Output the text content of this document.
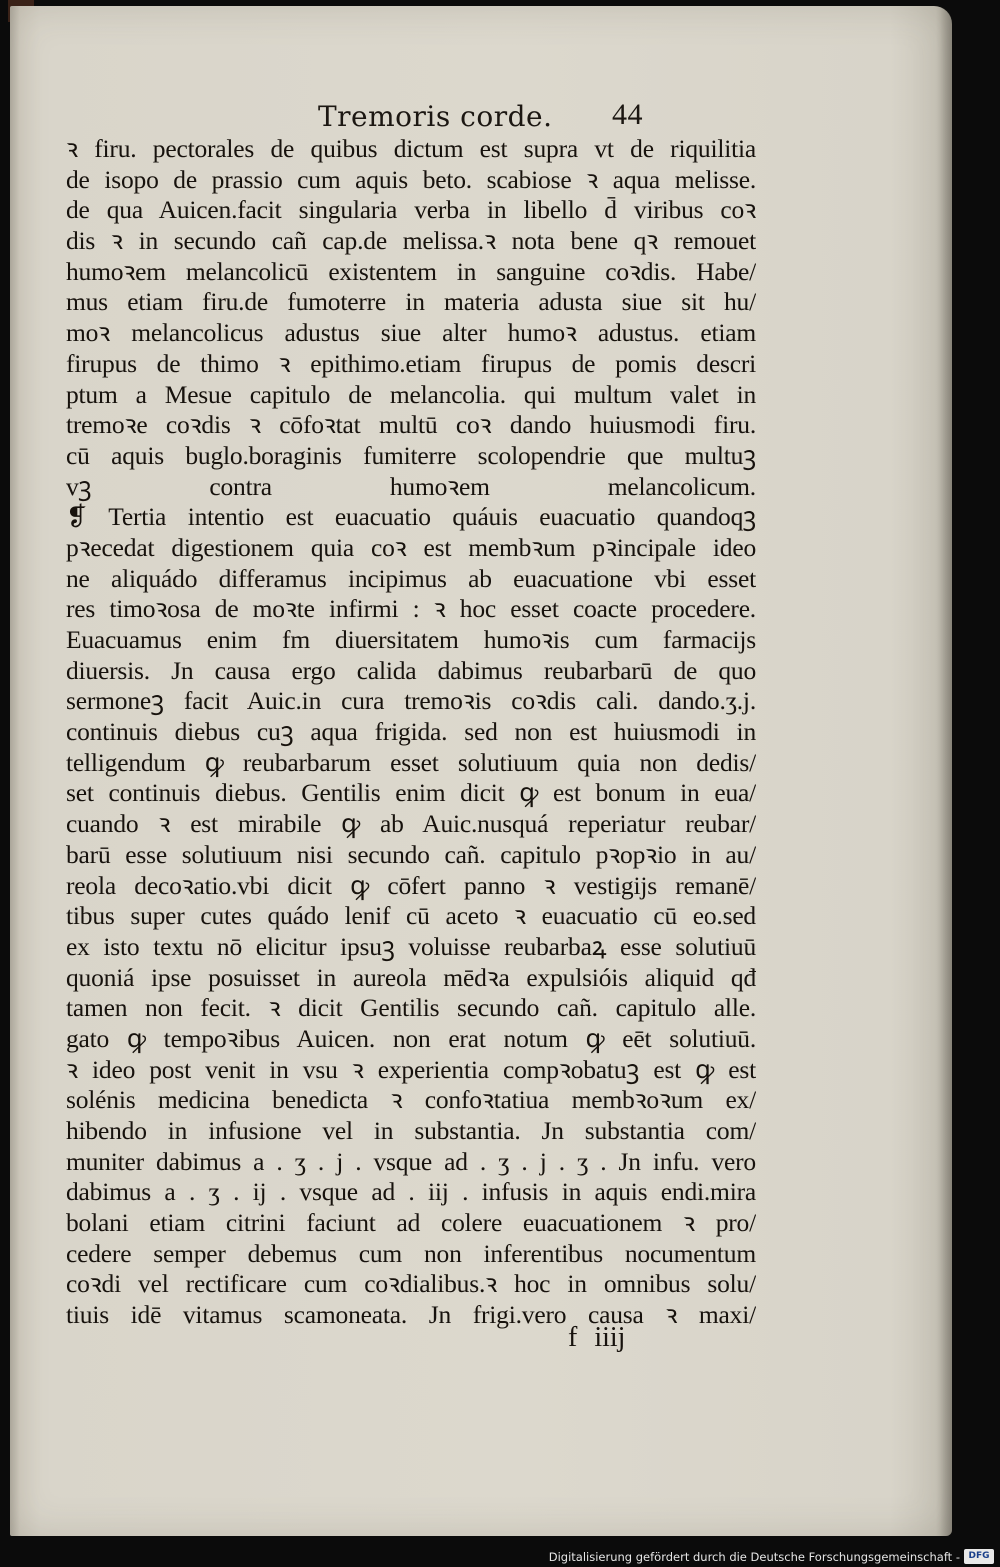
Tremoris corde. 44
ꝛ firu. pectorales de quibus dictum est supra vt de riquilitia
de isopo de prassio cum aquis beto. scabiose ꝛ aqua melisse.
de qua Auicen.facit singularia verba in libello d̄ viribus coꝛ
dis ꝛ in secundo cañ cap.de melissa.ꝛ nota bene qꝛ remouet
humoꝛem melancolicū existentem in sanguine coꝛdis. Habe/
mus etiam firu.de fumoterre in materia adusta siue sit hu/
moꝛ melancolicus adustus siue alter humoꝛ adustus. etiam
firupus de thimo ꝛ epithimo.etiam firupus de pomis descri
ptum a Mesue capitulo de melancolia. qui multum valet in
tremoꝛe coꝛdis ꝛ cōfoꝛtat multū coꝛ dando huiusmodi firu.
cū aquis buglo.boraginis fumiterre scolopendrie que multuꝫ
vꝫ contra humoꝛem melancolicum.
❡ Tertia intentio est euacuatio quáuis euacuatio quandoqꝫ
pꝛecedat digestionem quia coꝛ est membꝛum pꝛincipale ideo
ne aliquádo differamus incipimus ab euacuatione vbi esset
res timoꝛosa de moꝛte infirmi : ꝛ hoc esset coacte procedere.
Euacuamus enim fm diuersitatem humoꝛis cum farmacijs
diuersis. Jn causa ergo calida dabimus reubarbarū de quo
sermoneꝫ facit Auic.in cura tremoꝛis coꝛdis cali. dando.ʒ.j.
continuis diebus cuꝫ aqua frigida. sed non est huiusmodi in
telligendum ꝙ reubarbarum esset solutiuum quia non dedis/
set continuis diebus. Gentilis enim dicit ꝙ est bonum in eua/
cuando ꝛ est mirabile ꝙ ab Auic.nusquá reperiatur reubar/
barū esse solutiuum nisi secundo cañ. capitulo pꝛopꝛio in au/
reola decoꝛatio.vbi dicit ꝙ cōfert panno ꝛ vestigijs remanē/
tibus super cutes quádo lenif cū aceto ꝛ euacuatio cū eo.sed
ex isto textu nō elicitur ipsuꝫ voluisse reubarbaꝝ esse solutiuū
quoniá ipse posuisset in aureola mēdꝛa expulsióis aliquid qđ
tamen non fecit. ꝛ dicit Gentilis secundo cañ. capitulo alle.
gato ꝙ tempoꝛibus Auicen. non erat notum ꝙ eēt solutiuū.
ꝛ ideo post venit in vsu ꝛ experientia compꝛobatuꝫ est ꝙ est
solénis medicina benedicta ꝛ confoꝛtatiua membꝛoꝛum ex/
hibendo in infusione vel in substantia. Jn substantia com/
muniter dabimus a . ʒ . j . vsque ad . ʒ . j . ʒ . Jn infu. vero
dabimus a . ʒ . ij . vsque ad . iij . infusis in aquis endi.mira
bolani etiam citrini faciunt ad colere euacuationem ꝛ pro/
cedere semper debemus cum non inferentibus nocumentum
coꝛdi vel rectificare cum coꝛdialibus.ꝛ hoc in omnibus solu/
tiuis idē vitamus scamoneata. Jn frigi.vero causa ꝛ maxi/
f iiij
Digitalisierung gefördert durch die Deutsche Forschungsgemeinschaft - DFG
